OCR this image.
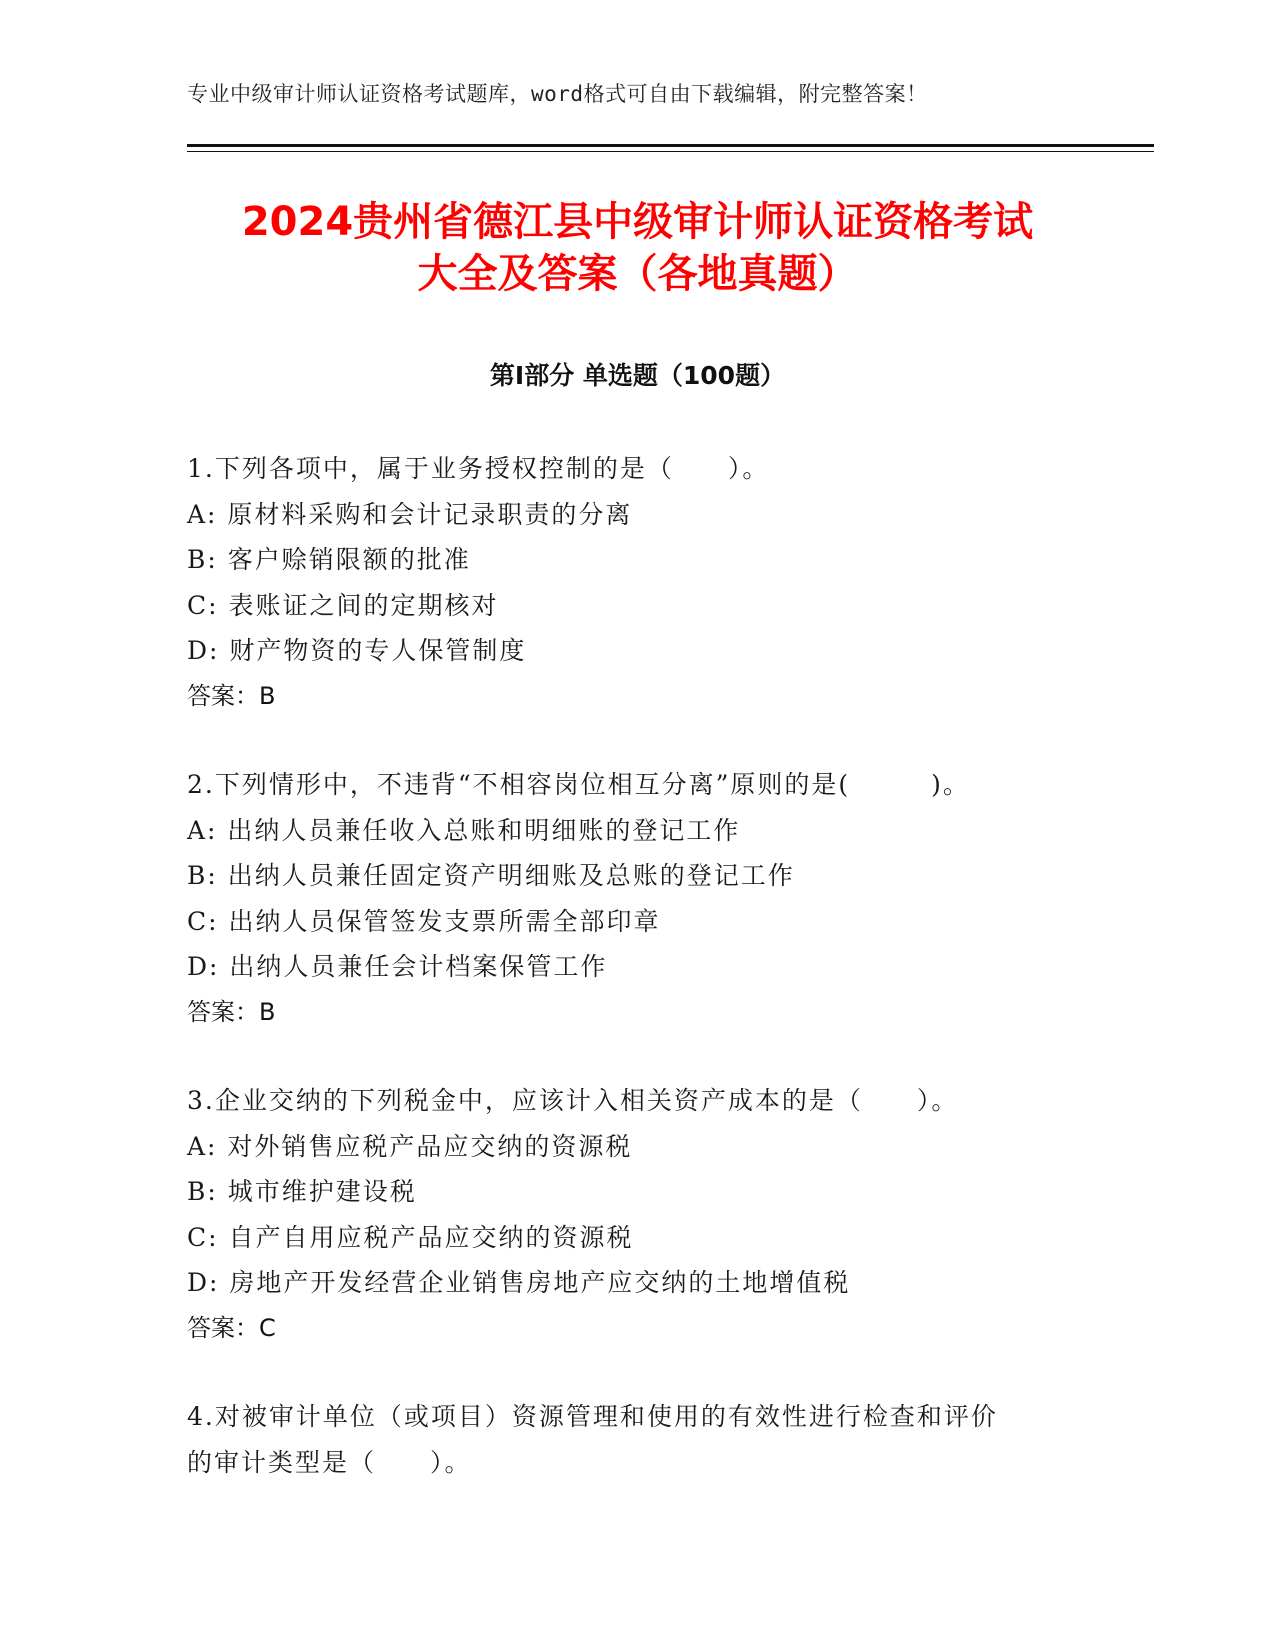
专业中级审计师认证资格考试题库，word格式可自由下载编辑，附完整答案！
2024贵州省德江县中级审计师认证资格考试
大全及答案（各地真题）
第Ⅰ部分 单选题（100题）
1.下列各项中，属于业务授权控制的是（　　）。
A: 原材料采购和会计记录职责的分离
B: 客户赊销限额的批准
C: 表账证之间的定期核对
D: 财产物资的专人保管制度
答案：B
2.下列情形中，不违背“不相容岗位相互分离”原则的是(　　　)。
A: 出纳人员兼任收入总账和明细账的登记工作
B: 出纳人员兼任固定资产明细账及总账的登记工作
C: 出纳人员保管签发支票所需全部印章
D: 出纳人员兼任会计档案保管工作
答案：B
3.企业交纳的下列税金中，应该计入相关资产成本的是（　　）。
A: 对外销售应税产品应交纳的资源税
B: 城市维护建设税
C: 自产自用应税产品应交纳的资源税
D: 房地产开发经营企业销售房地产应交纳的土地增值税
答案：C
4.对被审计单位（或项目）资源管理和使用的有效性进行检查和评价
的审计类型是（　　）。
